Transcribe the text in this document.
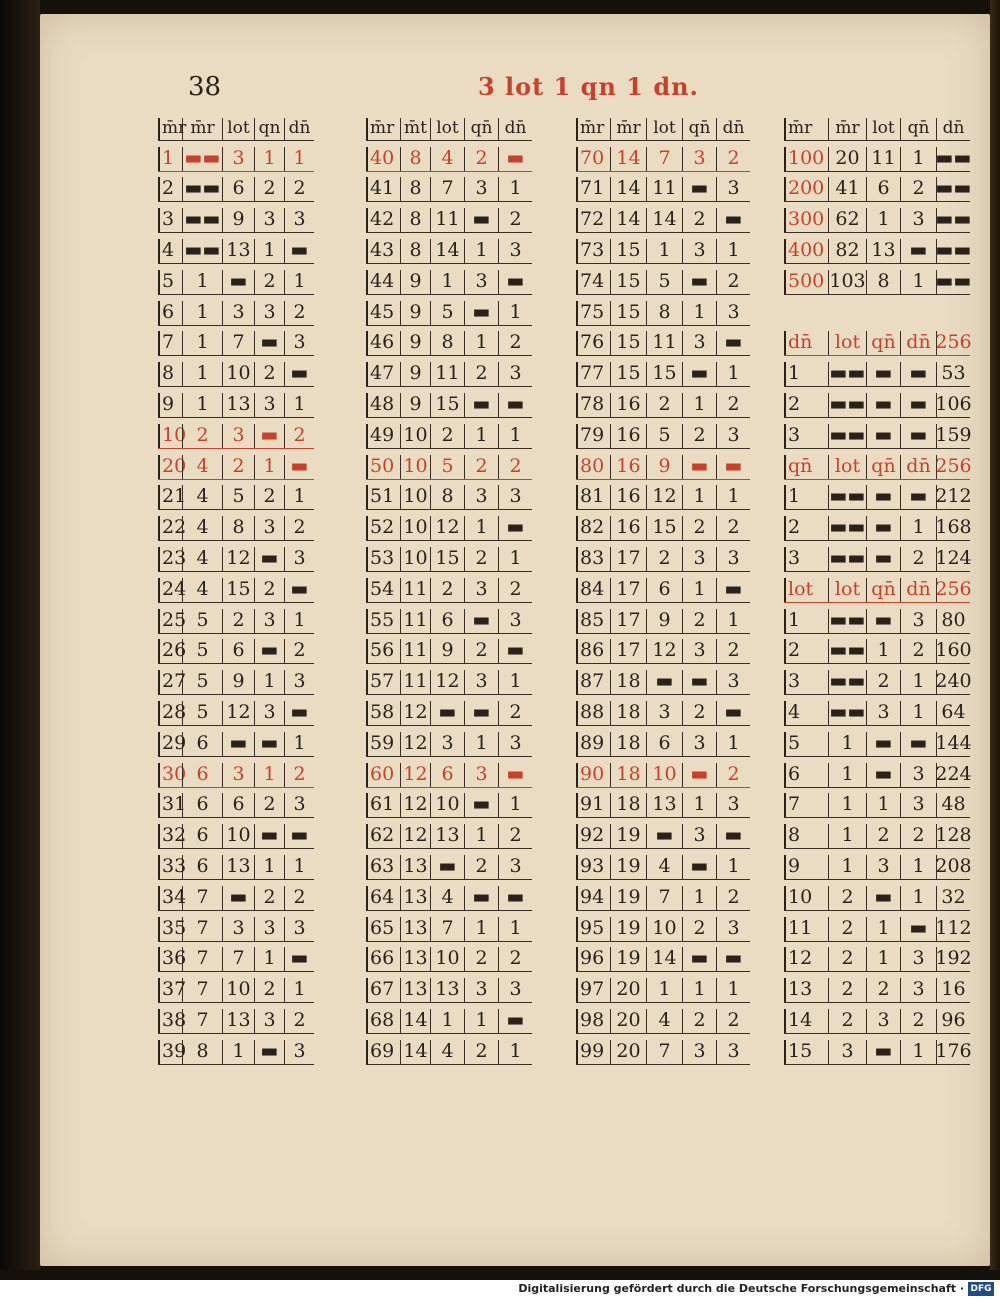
38	3 lot 1 qn 1 dn.
m̄r m̄r lot qn dn̄
1 ▬▬ 3 1 1
2 ▬▬ 6 2 2
3 ▬▬ 9 3 3
4 ▬▬ 13 1 ▬
5	1	▬ 2 1
6	1	3 3 2
7	1	7 ▬ 3
8	1 10 2 ▬
9	1 13 3 1
10 2	3 ▬ 2
20 4	2 1 ▬
21 4	5 2 1
22 4	8 3 2
23 4 12 ▬ 3
24 4 15 2 ▬
25 5	2 3 1
26 5	6 ▬ 2
27 5	9 1 3
28 5 12 3 ▬
29 6	▬ ▬ 1
30 6	3 1 2
31 6	6 2 3
32 6 10 ▬ ▬
33 6 13 1 1
34 7	▬ 2 2
35 7	3 3 3
36 7	7 1 ▬
37 7 10 2 1
38 7 13 3 2
39 8	1 ▬ 3
m̄r m̄t lot qn̄ dn̄
40 8	4	2 ▬
41 8	7	3	1
42 8 11 ▬ 2
43 8 14 1	3
44 9	1	3 ▬
45 9	5 ▬ 1
46 9	8	1	2
47 9 11 2	3
48 9 15 ▬ ▬
49 10 2	1	1
50 10 5	2	2
51 10 8	3	3
52 10 12 1 ▬
53 10 15 2	1
54 11 2	3	2
55 11 6 ▬ 3
56 11 9	2 ▬
57 11 12 3	1
58 12 ▬ ▬ 2
59 12 3	1	3
60 12 6	3 ▬
61 12 10 ▬ 1
62 12 13 1	2
63 13 ▬ 2	3
64 13 4 ▬ ▬
65 13 7	1	1
66 13 10 2	2
67 13 13 3	3
68 14 1	1 ▬
69 14 4	2	1
m̄r m̄r lot qn̄ dn̄
70 14 7	3	2
71 14 11 ▬ 3
72 14 14 2 ▬
73 15 1	3	1
74 15 5	▬ 2
75 15 8	1	3
76 15 11 3 ▬
77 15 15 ▬ 1
78 16 2	1	2
79 16 5	2	3
80 16 9	▬ ▬
81 16 12 1	1
82 16 15 2	2
83 17 2	3	3
84 17 6	1 ▬
85 17 9	2	1
86 17 12 3	2
87 18 ▬ ▬ 3
88 18 3	2 ▬
89 18 6	3	1
90 18 10 ▬ 2
91 18 13 1	3
92 19 ▬	3 ▬
93 19 4	▬ 1
94 19 7	1	2
95 19 10 2	3
96 19 14 ▬ ▬
97 20 1	1	1
98 20 4	2	2
99 20 7	3	3
m̄r	m̄r lot qn̄ dn̄
100 20 11 1 ▬▬
200 41 6	2 ▬▬
300 62 1	3 ▬▬
400 82 13 ▬ ▬▬
500 103 8	1 ▬▬
dn̄	lot qn̄ dn̄ 256
1	▬▬ ▬ ▬ 53
2	▬▬ ▬ ▬ 106
3	▬▬ ▬ ▬ 159
qn̄	lot qn̄ dn̄ 256
1	▬▬ ▬ ▬ 212
2	▬▬ ▬	1 168
3	▬▬ ▬	2 124
lot	lot qn̄ dn̄ 256
1	▬▬ ▬	3 80
2	▬▬ 1	2 160
3	▬▬ 2	1 240
4	▬▬ 3	1 64
5	1	▬ ▬ 144
6	1	▬	3 224
7	1	1	3 48
8	1	2	2 128
9	1	3	1 208
10	2	▬	1 32
11	2	1	▬ 112
12	2	1	3 192
13	2	2	3 16
14	2	3	2 96
15	3	▬	1 176
Digitalisierung gefördert durch die Deutsche Forschungsgemeinschaft · DFG
